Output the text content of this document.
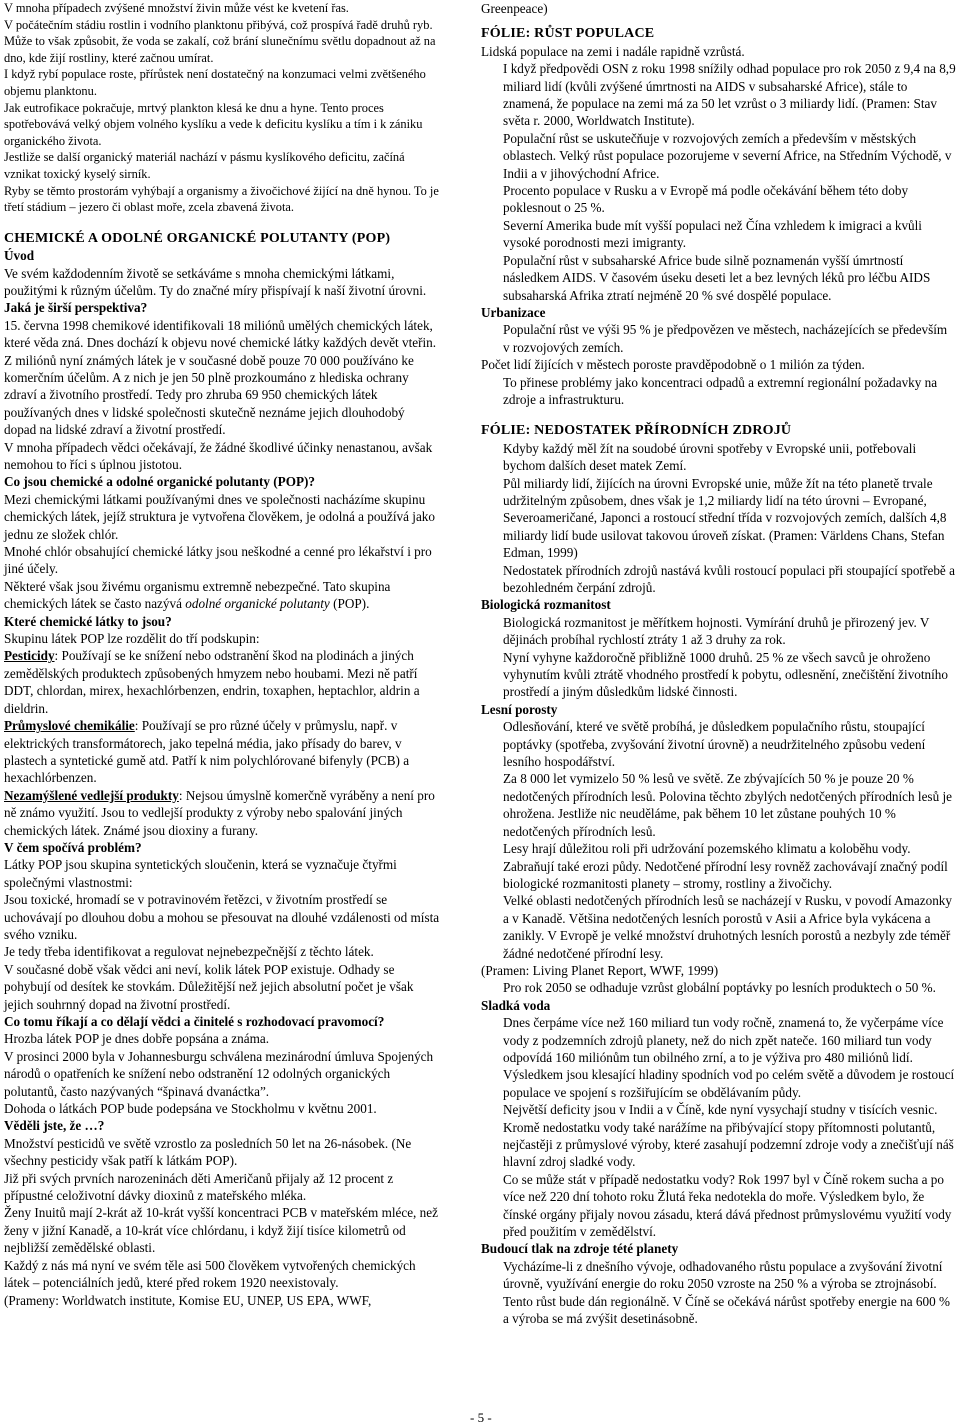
V mnoha případech zvýšené množství živin může vést ke kvetení řas.

V počátečním stádiu rostlin i vodního planktonu přibývá, což prospívá řadě druhů ryb. Může to však způsobit, že voda se zakalí, což brání slunečnímu světlu dopadnout až na dno, kde žijí rostliny, které začnou umírat.

I když rybí populace roste, přírůstek není dostatečný na konzumaci velmi zvětšeného objemu planktonu.

Jak eutrofikace pokračuje, mrtvý plankton klesá ke dnu a hyne. Tento proces spotřebovává velký objem volného kyslíku a vede k deficitu kyslíku a tím i k zániku organického života.

Jestliže se další organický materiál nachází v pásmu kyslíkového deficitu, začíná vznikat toxický kyselý sirník.

Ryby se těmto prostorám vyhýbají a organismy a živočichové žijící na dně hynou. To je třetí stádium – jezero či oblast moře, zcela zbavená života.

CHEMICKÉ A ODOLNÉ ORGANICKÉ POLUTANTY (POP)

Úvod

Ve svém každodenním životě se setkáváme s mnoha chemickými látkami, použitými k různým účelům. Ty do značné míry přispívají k naší životní úrovni.

Jaká je širší perspektiva?

15. června 1998 chemikové identifikovali 18 miliónů umělých chemických látek, které věda zná. Dnes dochází k objevu nové chemické látky každých devět vteřin.

Z miliónů nyní známých látek je v současné době pouze 70 000 používáno ke komerčním účelům. A z nich je jen 50 plně prozkoumáno z hlediska ochrany zdraví a životního prostředí. Tedy pro zhruba 69 950 chemických látek používaných dnes v lidské společnosti skutečně neznáme jejich dlouhodobý dopad na lidské zdraví a životní prostředí.

V mnoha případech vědci očekávají, že žádné škodlivé účinky nenastanou, avšak nemohou to říci s úplnou jistotou.

Co jsou chemické a odolné organické polutanty (POP)?

Mezi chemickými látkami používanými dnes ve společnosti nacházíme skupinu chemických látek, jejíž struktura je vytvořena člověkem, je odolná a používá jako jednu ze složek chlór.

Mnohé chlór obsahující chemické látky jsou neškodné a cenné pro lékařství i pro jiné účely.

Některé však jsou živému organismu extremně nebezpečné. Tato skupina chemických látek se často nazývá odolné organické polutanty (POP).

Které chemické látky to jsou?

Skupinu látek POP lze rozdělit do tří podskupin:

Pesticidy: Používají se ke snížení nebo odstranění škod na plodinách a jiných zemědělských produktech způsobených hmyzem nebo houbami. Mezi ně patří DDT, chlordan, mirex, hexachlórbenzen, endrin, toxaphen, heptachlor, aldrin a dieldrin.

Průmyslové chemikálie: Používají se pro různé účely v průmyslu, např. v elektrických transformátorech, jako tepelná média, jako přísady do barev, v plastech a syntetické gumě atd. Patří k nim polychlórované bifenyly (PCB) a hexachlórbenzen.

Nezamýšlené vedlejší produkty: Nejsou úmyslně komerčně vyráběny a není pro ně známo využití. Jsou to vedlejší produkty z výroby nebo spalování jiných chemických látek. Známé jsou dioxiny a furany.

V čem spočívá problém?

Látky POP jsou skupina syntetických sloučenin, která se vyznačuje čtyřmi společnými vlastnostmi:

Jsou toxické, hromadí se v potravinovém řetězci, v životním prostředí se uchovávají po dlouhou dobu a mohou se přesouvat na dlouhé vzdálenosti od místa svého vzniku.

Je tedy třeba identifikovat a regulovat nejnebezpečnější z těchto látek.

V současné době však vědci ani neví, kolik látek POP existuje. Odhady se pohybují od desítek ke stovkám. Důležitější než jejich absolutní počet je však jejich souhrnný dopad na životní prostředí.

Co tomu říkají a co dělají vědci a činitelé s rozhodovací pravomocí?

Hrozba látek POP je dnes dobře popsána a známa.

V prosinci 2000 byla v Johannesburgu schválena mezinárodní úmluva Spojených národů o opatřeních ke snížení nebo odstranění 12 odolných organických polutantů, často nazývaných “špinavá dvanáctka”.

Dohoda o látkách POP bude podepsána ve Stockholmu v květnu 2001.

Věděli jste, že …?

Množství pesticidů ve světě vzrostlo za posledních 50 let na 26-násobek. (Ne všechny pesticidy však patří k látkám POP).

Již při svých prvních narozeninách děti Američanů přijaly až 12 procent z přípustné celoživotní dávky dioxinů z mateřského mléka.

Ženy Inuitů mají 2-krát až 10-krát vyšší koncentraci PCB v mateřském mléce, než ženy v jižní Kanadě, a 10-krát více chlórdanu, i když žijí tisíce kilometrů od nejbližší zemědělské oblasti.

Každý z nás má nyní ve svém těle asi 500 člověkem vytvořených chemických látek – potenciálních jedů, které před rokem 1920 neexistovaly.

(Prameny: Worldwatch institute, Komise EU, UNEP, US EPA, WWF,

Greenpeace)

FÓLIE: RŮST POPULACE

Lidská populace na zemi i nadále rapidně vzrůstá.

I když předpovědi OSN z roku 1998 snížily odhad populace pro rok 2050 z 9,4 na 8,9 miliard lidí (kvůli zvýšené úmrtnosti na AIDS v subsaharské Africe), stále to znamená, že populace na zemi má za 50 let vzrůst o 3 miliardy lidí. (Pramen: Stav světa r. 2000, Worldwatch Institute).

Populační růst se uskutečňuje v rozvojových zemích a především v městských oblastech. Velký růst populace pozorujeme v severní Africe, na Středním Východě, v Indii a v jihovýchodní Africe.

Procento populace v Rusku a v Evropě má podle očekávání během této doby poklesnout o 25 %.

Severní Amerika bude mít vyšší populaci než Čína vzhledem k imigraci a kvůli vysoké porodnosti mezi imigranty.

Populační růst v subsaharské Africe bude silně poznamenán vyšší úmrtností následkem AIDS. V časovém úseku deseti let a bez levných léků pro léčbu AIDS subsaharská Afrika ztratí nejméně 20 % své dospělé populace.

Urbanizace

Populační růst ve výši 95 % je předpovězen ve městech, nacházejících se především v rozvojových zemích.

Počet lidí žijících v městech poroste pravděpodobně o 1 milión za týden.

To přinese problémy jako koncentraci odpadů a extremní regionální požadavky na zdroje a infrastrukturu.

FÓLIE: NEDOSTATEK PŘÍRODNÍCH ZDROJŮ

Kdyby každý měl žít na soudobé úrovni spotřeby v Evropské unii, potřebovali bychom dalších deset matek Zemí.

Půl miliardy lidí, žijících na úrovni Evropské unie, může žít na této planetě trvale udržitelným způsobem, dnes však je 1,2 miliardy lidí na této úrovni – Evropané, Severoameričané, Japonci a rostoucí střední třída v rozvojových zemích, dalších 4,8 miliardy lidí bude usilovat takovou úroveň získat. (Pramen: Världens Chans, Stefan Edman, 1999)

Nedostatek přírodních zdrojů nastává kvůli rostoucí populaci při stoupající spotřebě a bezohledném čerpání zdrojů.

Biologická rozmanitost

Biologická rozmanitost je měřítkem hojnosti. Vymírání druhů je přirozený jev. V dějinách probíhal rychlostí ztráty 1 až 3 druhy za rok.

Nyní vyhyne každoročně přibližně 1000 druhů. 25 % ze všech savců je ohroženo vyhynutím kvůli ztrátě vhodného prostředí k pobytu, odlesnění, znečištění životního prostředí a jiným důsledkům lidské činnosti.

Lesní porosty

Odlesňování, které ve světě probíhá, je důsledkem populačního růstu, stoupající poptávky (spotřeba, zvyšování životní úrovně) a neudržitelného způsobu vedení lesního hospodářství.

Za 8 000 let vymizelo 50 % lesů ve světě. Ze zbývajících 50 % je pouze 20 % nedotčených přírodních lesů. Polovina těchto zbylých nedotčených přírodních lesů je ohrožena. Jestliže nic neuděláme, pak během 10 let zůstane pouhých 10 % nedotčených přírodních lesů.

Lesy hrají důležitou roli při udržování pozemského klimatu a koloběhu vody. Zabraňují také erozi půdy. Nedotčené přírodní lesy rovněž zachovávají značný podíl biologické rozmanitosti planety – stromy, rostliny a živočichy.

Velké oblasti nedotčených přírodních lesů se nacházejí v Rusku, v povodí Amazonky a v Kanadě. Většina nedotčených lesních porostů v Asii a Africe byla vykácena a zanikly. V Evropě je velké množství druhotných lesních porostů a nezbyly zde téměř žádné nedotčené přírodní lesy.

(Pramen: Living Planet Report, WWF, 1999)

Pro rok 2050 se odhaduje vzrůst globální poptávky po lesních produktech o 50 %.

Sladká voda

Dnes čerpáme více než 160 miliard tun vody ročně, znamená to, že vyčerpáme více vody z podzemních zdrojů planety, než do nich zpět nateče. 160 miliard tun vody odpovídá 160 miliónům tun obilného zrní, a to je výživa pro 480 miliónů lidí.

Výsledkem jsou klesající hladiny spodních vod po celém světě a důvodem je rostoucí populace ve spojení s rozšiřujícím se obdělávaním půdy.

Největší deficity jsou v Indii a v Číně, kde nyní vysychají studny v tisících vesnic.

Kromě nedostatku vody také narážíme na přibývající stopy přítomnosti polutantů, nejčastěji z průmyslové výroby, které zasahují podzemní zdroje vody a znečišťují náš hlavní zdroj sladké vody.

Co se může stát v případě nedostatku vody? Rok 1997 byl v Číně rokem sucha a po více než 220 dní tohoto roku Žlutá řeka nedotekla do moře. Výsledkem bylo, že čínské orgány přijaly novou zásadu, která dává přednost průmyslovému využití vody před použitím v zemědělství.

Budoucí tlak na zdroje tété planety

Vycházíme-li z dnešního vývoje, odhadovaného růstu populace a zvyšování životní úrovně, využívání energie do roku 2050 vzroste na 250 % a výroba se ztrojnásobí.

Tento růst bude dán regionálně. V Číně se očekává nárůst spotřeby energie na 600 % a výroba se má zvýšit desetinásobně.

- 5 -
